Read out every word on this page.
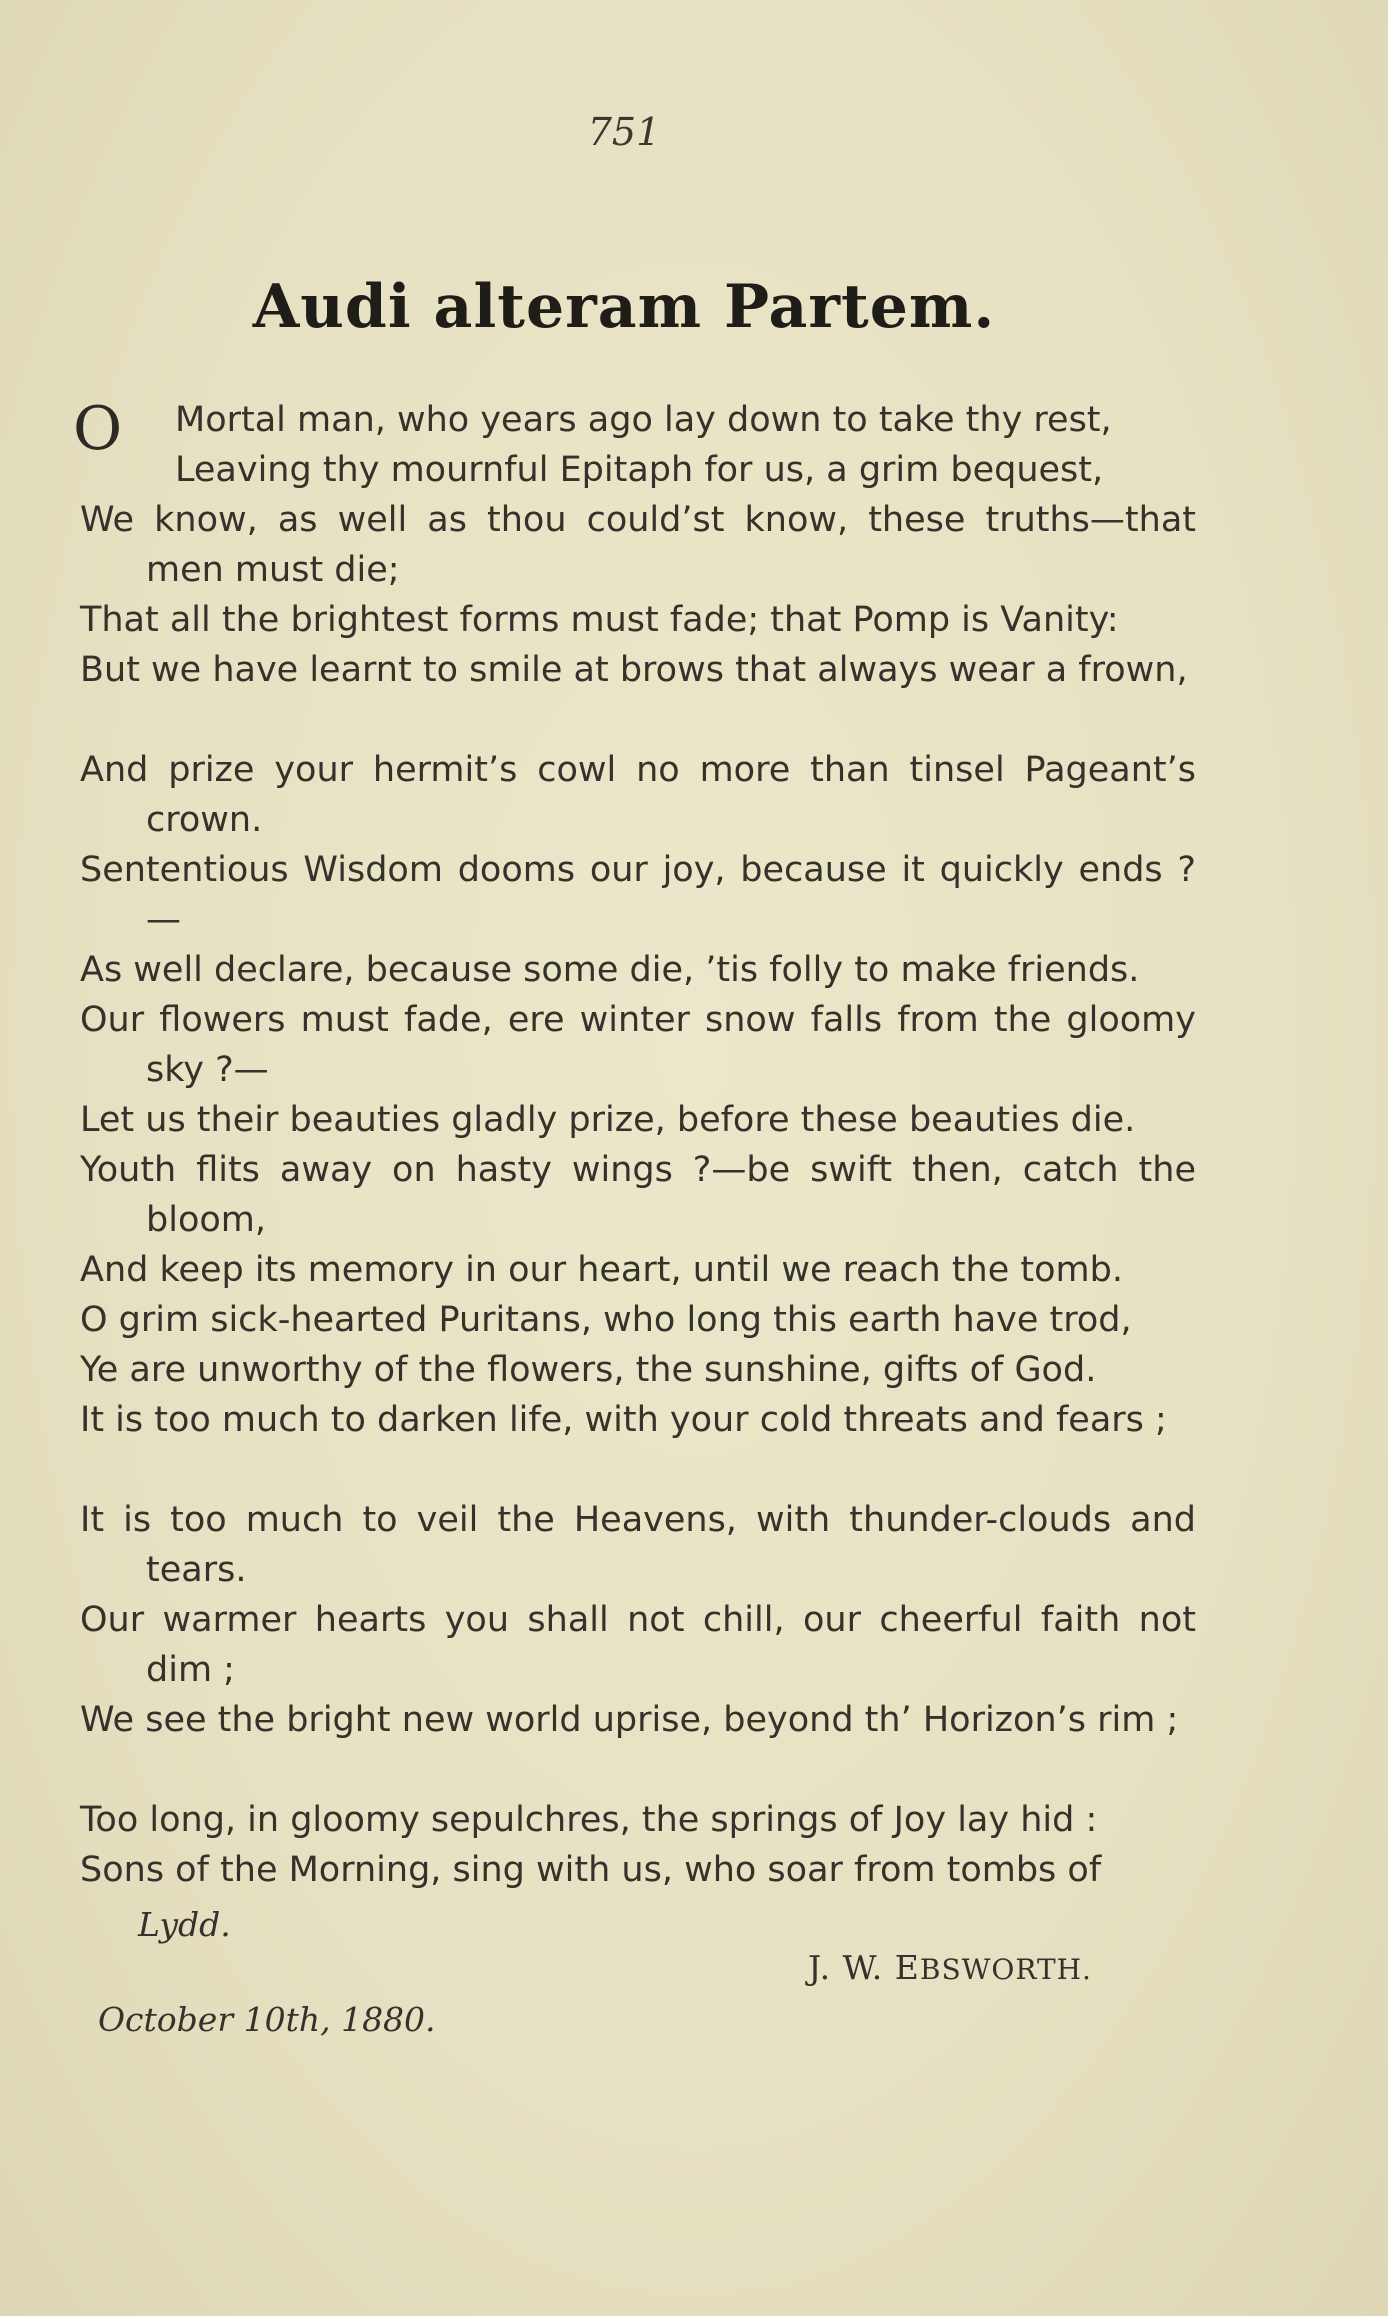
751
Audi alteram Partem.
O Mortal man, who years ago lay down to take thy rest,
Leaving thy mournful Epitaph for us, a grim bequest,
We know, as well as thou could’st know, these truths—that men must die;
That all the brightest forms must fade; that Pomp is Vanity:
But we have learnt to smile at brows that always wear a frown,
And prize your hermit’s cowl no more than tinsel Pageant’s crown.
Sententious Wisdom dooms our joy, because it quickly ends ?—
As well declare, because some die, ’tis folly to make friends.
Our flowers must fade, ere winter snow falls from the gloomy sky ?—
Let us their beauties gladly prize, before these beauties die.
Youth flits away on hasty wings ?—be swift then, catch the bloom,
And keep its memory in our heart, until we reach the tomb.
O grim sick-hearted Puritans, who long this earth have trod,
Ye are unworthy of the flowers, the sunshine, gifts of God.
It is too much to darken life, with your cold threats and fears ;
It is too much to veil the Heavens, with thunder-clouds and tears.
Our warmer hearts you shall not chill, our cheerful faith not dim ;
We see the bright new world uprise, beyond th’ Horizon’s rim ;
Too long, in gloomy sepulchres, the springs of Joy lay hid :
Sons of the Morning, sing with us, who soar from tombs of
Lydd.
J. W. EBSWORTH.
October 10th, 1880.
